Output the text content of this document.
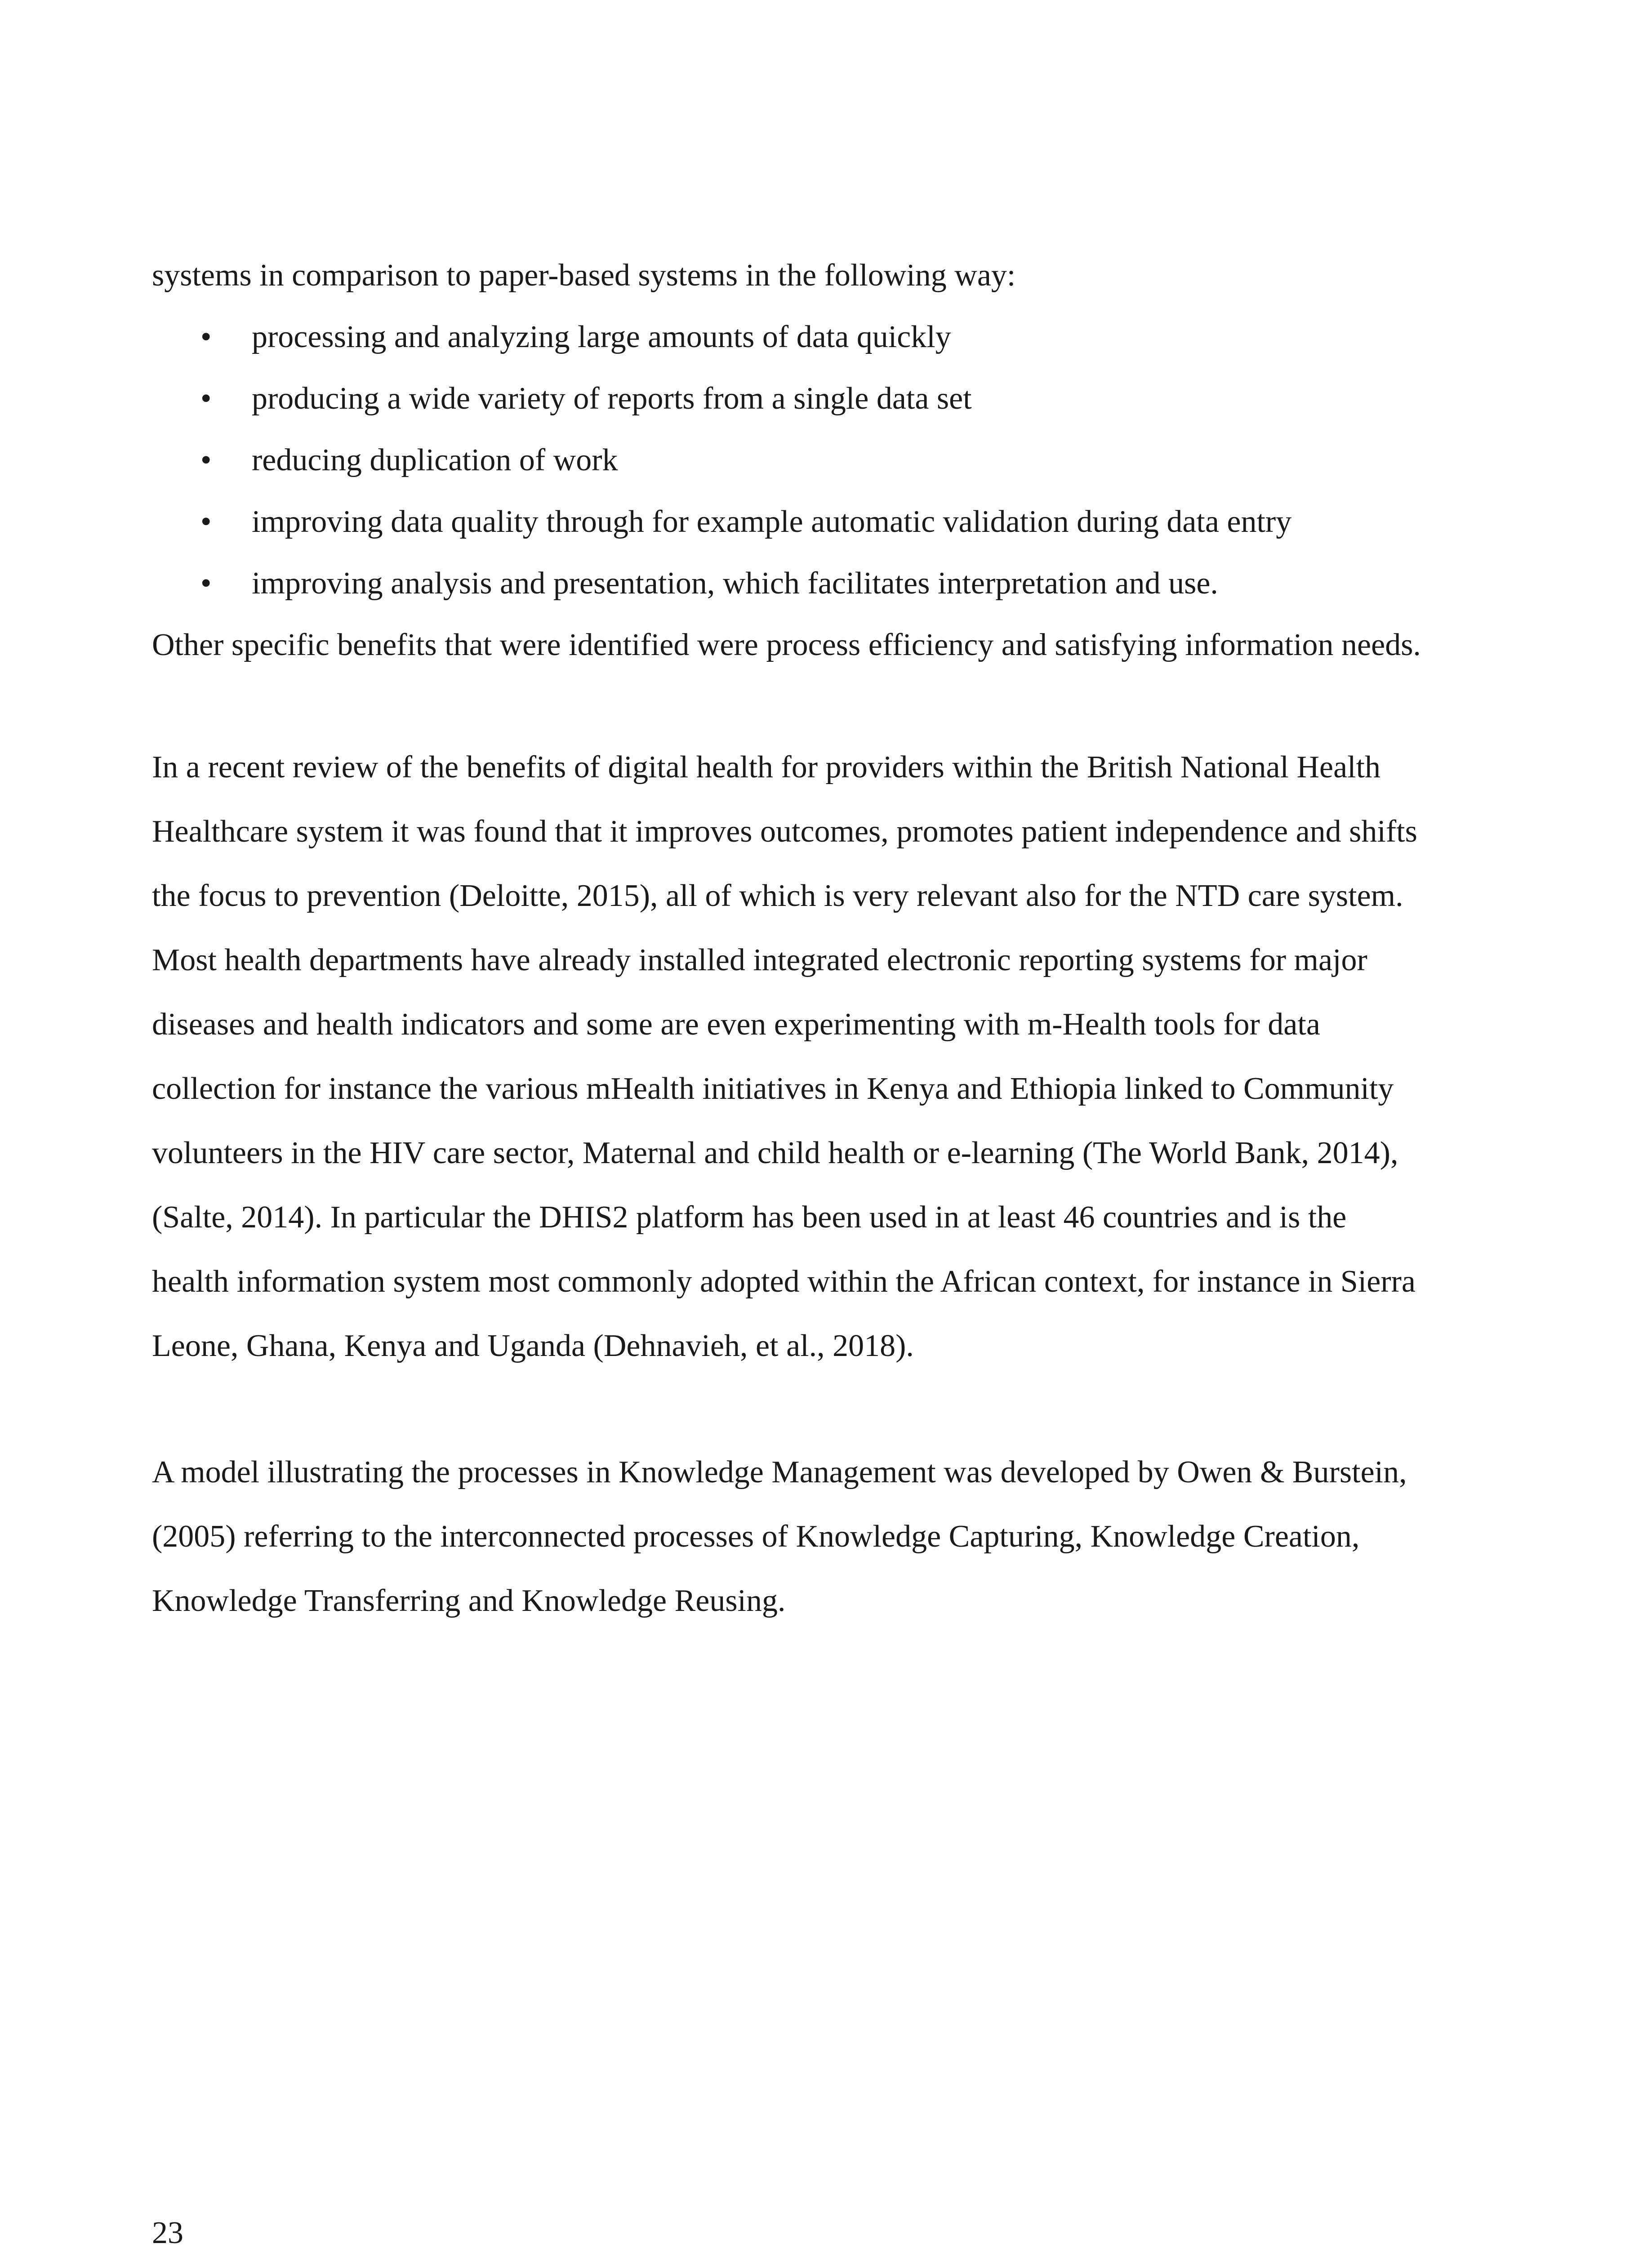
systems in comparison to paper-based systems in the following way:
• processing and analyzing large amounts of data quickly
• producing a wide variety of reports from a single data set
• reducing duplication of work
• improving data quality through for example automatic validation during data entry
• improving analysis and presentation, which facilitates interpretation and use.
Other specific benefits that were identified were process efficiency and satisfying information needs.
In a recent review of the benefits of digital health for providers within the British National Health
Healthcare system it was found that it improves outcomes, promotes patient independence and shifts
the focus to prevention (Deloitte, 2015), all of which is very relevant also for the NTD care system.
Most health departments have already installed integrated electronic reporting systems for major
diseases and health indicators and some are even experimenting with m-Health tools for data
collection for instance the various mHealth initiatives in Kenya and Ethiopia linked to Community
volunteers in the HIV care sector, Maternal and child health or e-learning (The World Bank, 2014),
(Salte, 2014). In particular the DHIS2 platform has been used in at least 46 countries and is the
health information system most commonly adopted within the African context, for instance in Sierra
Leone, Ghana, Kenya and Uganda (Dehnavieh, et al., 2018).
A model illustrating the processes in Knowledge Management was developed by Owen & Burstein,
(2005) referring to the interconnected processes of Knowledge Capturing, Knowledge Creation,
Knowledge Transferring and Knowledge Reusing.
23
